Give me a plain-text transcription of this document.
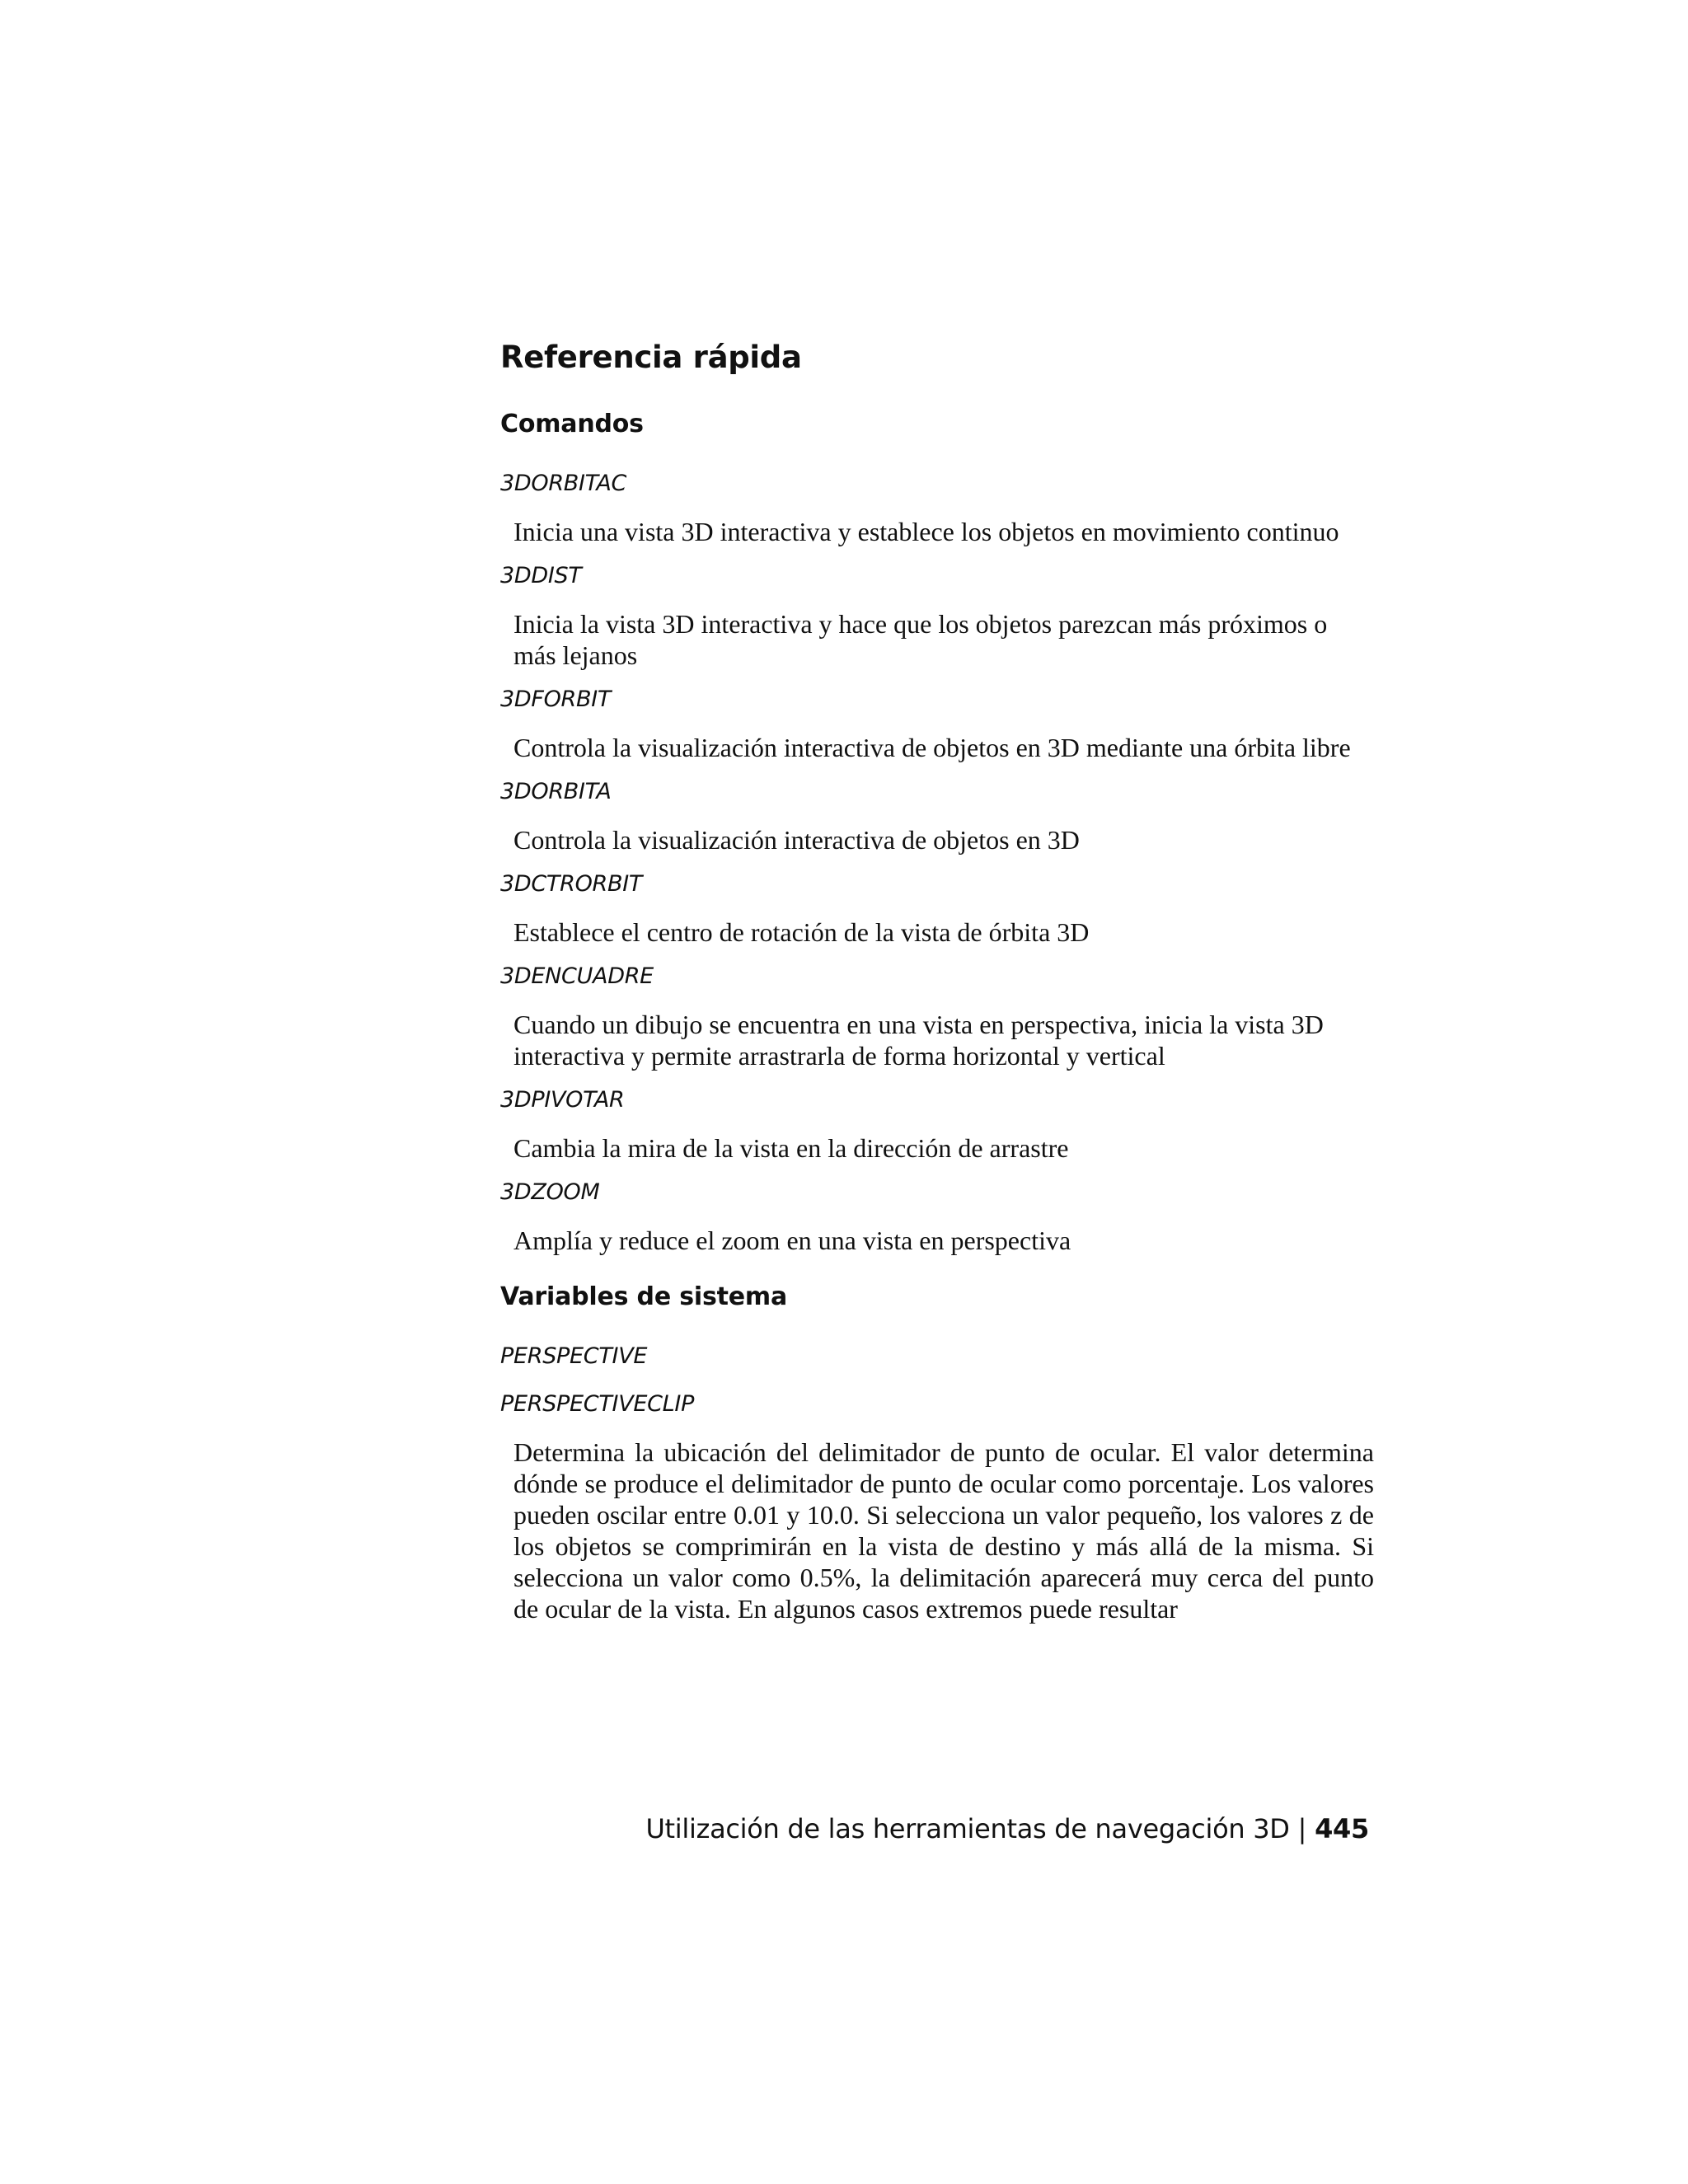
Referencia rápida
Comandos
3DORBITAC
Inicia una vista 3D interactiva y establece los objetos en movimiento continuo
3DDIST
Inicia la vista 3D interactiva y hace que los objetos parezcan más próximos o más lejanos
3DFORBIT
Controla la visualización interactiva de objetos en 3D mediante una órbita libre
3DORBITA
Controla la visualización interactiva de objetos en 3D
3DCTRORBIT
Establece el centro de rotación de la vista de órbita 3D
3DENCUADRE
Cuando un dibujo se encuentra en una vista en perspectiva, inicia la vista 3D interactiva y permite arrastrarla de forma horizontal y vertical
3DPIVOTAR
Cambia la mira de la vista en la dirección de arrastre
3DZOOM
Amplía y reduce el zoom en una vista en perspectiva
Variables de sistema
PERSPECTIVE
PERSPECTIVECLIP
Determina la ubicación del delimitador de punto de ocular. El valor determina dónde se produce el delimitador de punto de ocular como porcentaje. Los valores pueden oscilar entre 0.01 y 10.0. Si selecciona un valor pequeño, los valores z de los objetos se comprimirán en la vista de destino y más allá de la misma. Si selecciona un valor como 0.5%, la delimitación aparecerá muy cerca del punto de ocular de la vista. En algunos casos extremos puede resultar
Utilización de las herramientas de navegación 3D | 445
